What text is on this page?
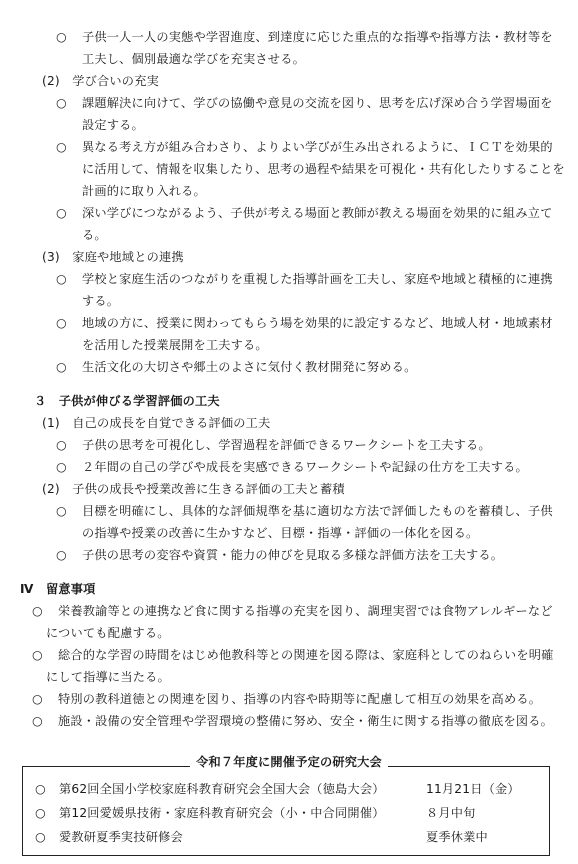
○ 子供一人一人の実態や学習進度、到達度に応じた重点的な指導や指導方法・教材等を
工夫し、個別最適な学びを充実させる。
(2)　学び合いの充実
○ 課題解決に向けて、学びの協働や意見の交流を図り、思考を広げ深め合う学習場面を
設定する。
○ 異なる考え方が組み合わさり、よりよい学びが生み出されるように、ＩＣＴを効果的
に活用して、情報を収集したり、思考の過程や結果を可視化・共有化したりすることを
計画的に取り入れる。
○ 深い学びにつながるよう、子供が考える場面と教師が教える場面を効果的に組み立て
る。
(3)　家庭や地域との連携
○ 学校と家庭生活のつながりを重視した指導計画を工夫し、家庭や地域と積極的に連携
する。
○ 地域の方に、授業に関わってもらう場を効果的に設定するなど、地域人材・地域素材
を活用した授業展開を工夫する。
○ 生活文化の大切さや郷土のよさに気付く教材開発に努める。
３　子供が伸びる学習評価の工夫
(1)　自己の成長を自覚できる評価の工夫
○ 子供の思考を可視化し、学習過程を評価できるワークシートを工夫する。
○ ２年間の自己の学びや成長を実感できるワークシートや記録の仕方を工夫する。
(2)　子供の成長や授業改善に生きる評価の工夫と蓄積
○ 目標を明確にし、具体的な評価規準を基に適切な方法で評価したものを蓄積し、子供
の指導や授業の改善に生かすなど、目標・指導・評価の一体化を図る。
○ 子供の思考の変容や資質・能力の伸びを見取る多様な評価方法を工夫する。
Ⅳ　留意事項
○ 栄養教諭等との連携など食に関する指導の充実を図り、調理実習では食物アレルギーなど
についても配慮する。
○ 総合的な学習の時間をはじめ他教科等との関連を図る際は、家庭科としてのねらいを明確
にして指導に当たる。
○ 特別の教科道徳との関連を図り、指導の内容や時期等に配慮して相互の効果を高める。
○ 施設・設備の安全管理や学習環境の整備に努め、安全・衛生に関する指導の徹底を図る。
○ 第62回全国小学校家庭科教育研究会全国大会（徳島大会）	11月21日（金）
○ 第12回愛媛県技術・家庭科教育研究会（小・中合同開催）	８月中旬
○ 愛教研夏季実技研修会	夏季休業中
令和７年度に開催予定の研究大会
